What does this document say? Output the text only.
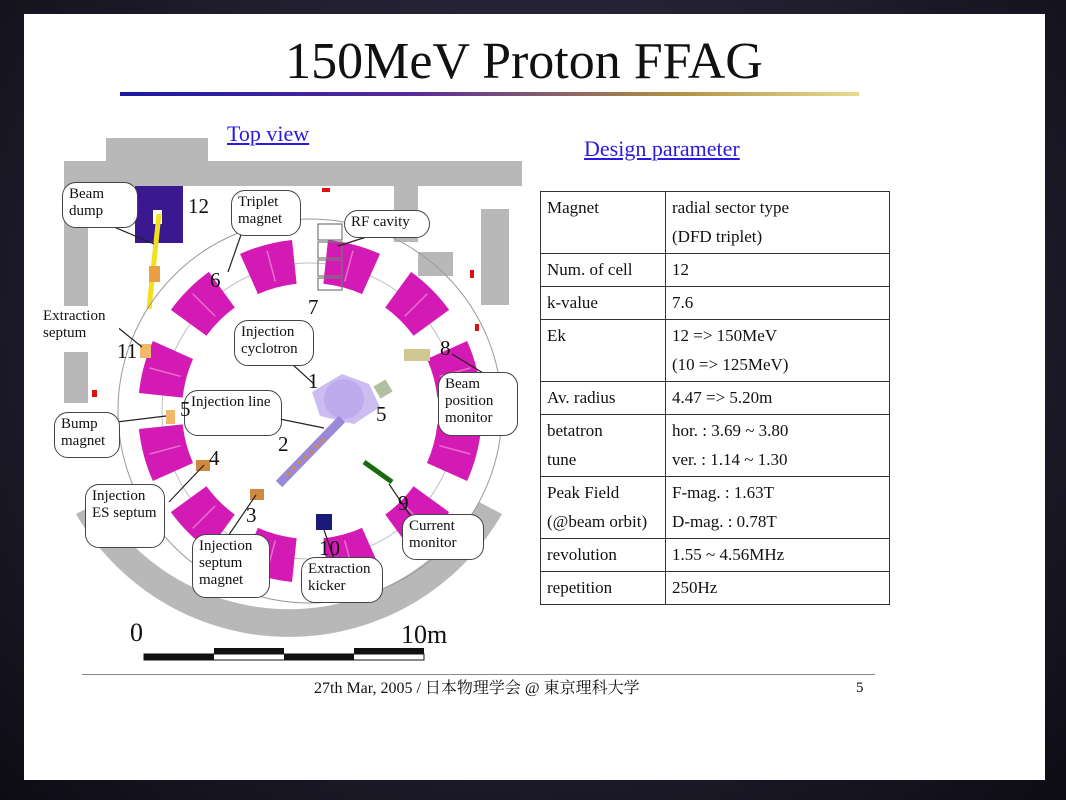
150MeV Proton FFAG
Top view
Design parameter
Beam dump
Triplet magnet	RF cavity
Extraction septum	Injection cyclotron
Beam position monitor
Bump magnet
Injection line
Injection ES septum
Injection septum magnet
Extraction kicker
Current monitor
12
6
7
8
11
1
5	5
2
4
3
10
9
0	10m
Magnet	radial sector type
(DFD triplet)
Num. of cell	12
k-value	7.6
Ek	12 => 150MeV
(10 => 125MeV)
Av. radius	4.47 => 5.20m
betatron
tune	hor. : 3.69 ~ 3.80
ver. : 1.14 ~ 1.30
Peak Field
(@beam orbit)	F-mag. : 1.63T
D-mag. : 0.78T
revolution	1.55 ~ 4.56MHz
repetition	250Hz
27th Mar, 2005 / 日本物理学会 @ 東京理科大学	5
